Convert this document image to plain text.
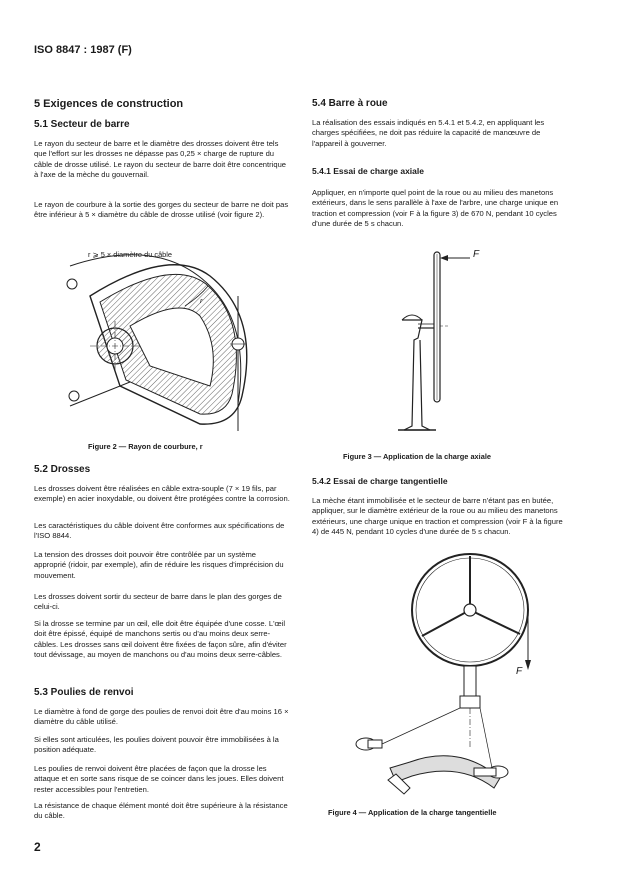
ISO 8847 : 1987 (F)
5 Exigences de construction
5.1 Secteur de barre

Le rayon du secteur de barre et le diamètre des drosses doivent être tels que l'effort sur les drosses ne dépasse pas 0,25 × charge de rupture du câble de drosse utilisé. Le rayon du secteur de barre doit être concentrique à l'axe de la mèche du gouvernail.

Le rayon de courbure à la sortie des gorges du secteur de barre ne doit pas être inférieur à 5 × diamètre du câble de drosse utilisé (voir figure 2).

r ⩾ 5 × diamètre du câble
r
Figure 2 — Rayon de courbure, r
5.2 Drosses

Les drosses doivent être réalisées en câble extra-souple (7 × 19 fils, par exemple) en acier inoxydable, ou doivent être protégées contre la corrosion.

Les caractéristiques du câble doivent être conformes aux spécifications de l'ISO 8844.

La tension des drosses doit pouvoir être contrôlée par un système approprié (ridoir, par exemple), afin de réduire les risques d'imprécision du mouvement.

Les drosses doivent sortir du secteur de barre dans le plan des gorges de celui-ci.

Si la drosse se termine par un œil, elle doit être équipée d'une cosse. L'œil doit être épissé, équipé de manchons sertis ou d'au moins deux serre-câbles. Les drosses sans œil doivent être fixées de façon sûre, afin d'éviter tout dévissage, au moyen de manchons ou d'au moins deux serre-câbles.

5.3 Poulies de renvoi

Le diamètre à fond de gorge des poulies de renvoi doit être d'au moins 16 × diamètre du câble utilisé.

Si elles sont articulées, les poulies doivent pouvoir être immobilisées à la position adéquate.

Les poulies de renvoi doivent être placées de façon que la drosse les attaque et en sorte sans risque de se coincer dans les joues. Elles doivent rester accessibles pour l'entretien.

La résistance de chaque élément monté doit être supérieure à la résistance du câble.

5.4 Barre à roue

La réalisation des essais indiqués en 5.4.1 et 5.4.2, en appliquant les charges spécifiées, ne doit pas réduire la capacité de manœuvre de l'appareil à gouverner.

5.4.1 Essai de charge axiale

Appliquer, en n'importe quel point de la roue ou au milieu des manetons extérieurs, dans le sens parallèle à l'axe de l'arbre, une charge unique en traction et compression (voir F à la figure 3) de 670 N, pendant 10 cycles d'une durée de 5 s chacun.

F
Figure 3 — Application de la charge axiale
5.4.2 Essai de charge tangentielle

La mèche étant immobilisée et le secteur de barre n'étant pas en butée, appliquer, sur le diamètre extérieur de la roue ou au milieu des manetons extérieurs, une charge unique en traction et compression (voir F à la figure 4) de 445 N, pendant 10 cycles d'une durée de 5 s chacun.

F
Figure 4 — Application de la charge tangentielle
2
